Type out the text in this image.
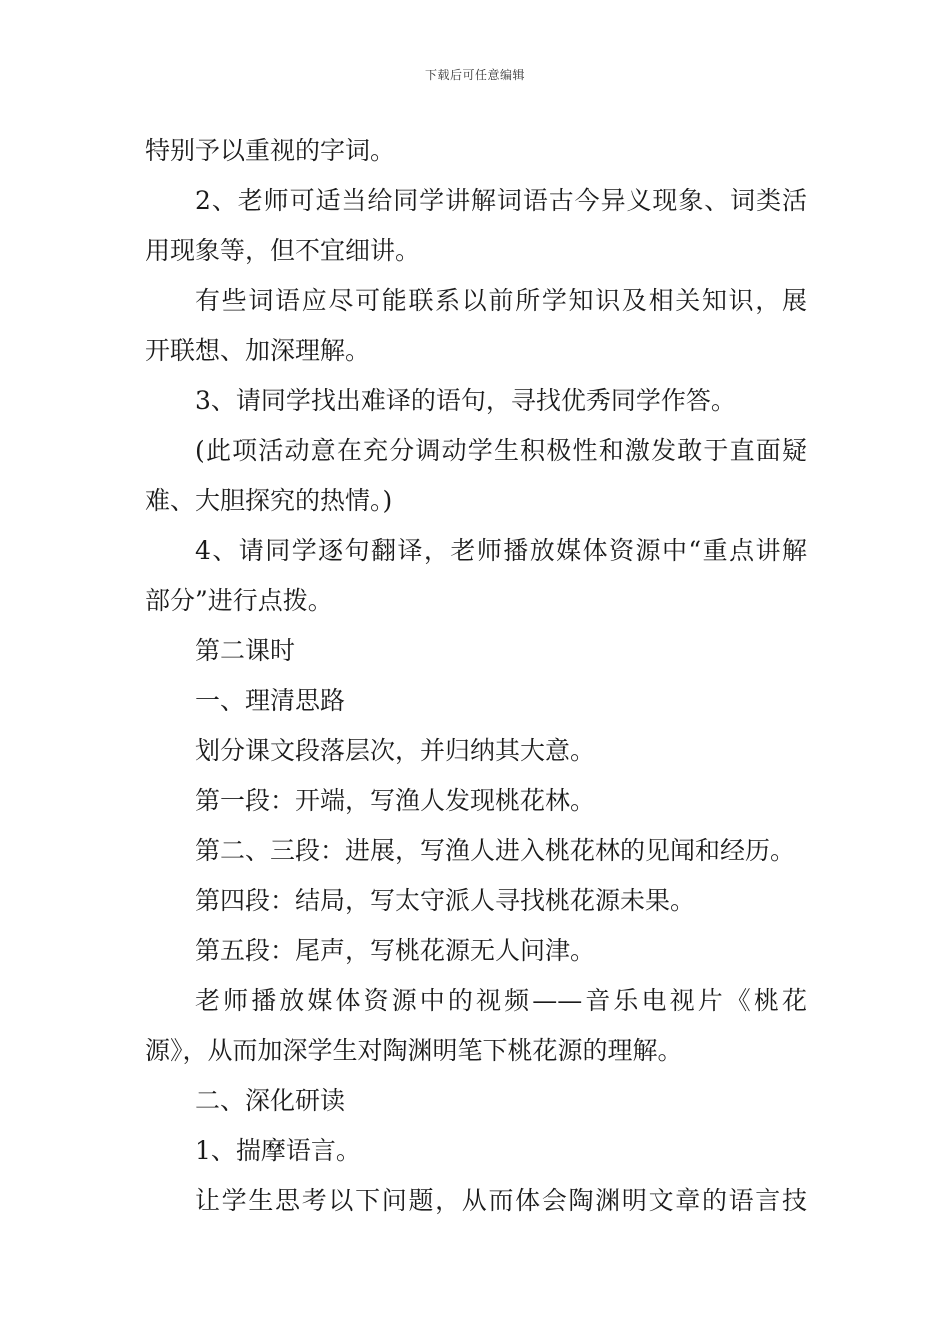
下载后可任意编辑
特别予以重视的字词。
2、老师可适当给同学讲解词语古今异义现象、词类活
用现象等，但不宜细讲。
有些词语应尽可能联系以前所学知识及相关知识，展
开联想、加深理解。
3、请同学找出难译的语句，寻找优秀同学作答。
(此项活动意在充分调动学生积极性和激发敢于直面疑
难、大胆探究的热情。)
4、请同学逐句翻译，老师播放媒体资源中“重点讲解
部分”进行点拨。
第二课时
一、理清思路
划分课文段落层次，并归纳其大意。
第一段：开端，写渔人发现桃花林。
第二、三段：进展，写渔人进入桃花林的见闻和经历。
第四段：结局，写太守派人寻找桃花源未果。
第五段：尾声，写桃花源无人问津。
老师播放媒体资源中的视频——音乐电视片《桃花
源》，从而加深学生对陶渊明笔下桃花源的理解。
二、深化研读
1、揣摩语言。
让学生思考以下问题，从而体会陶渊明文章的语言技
